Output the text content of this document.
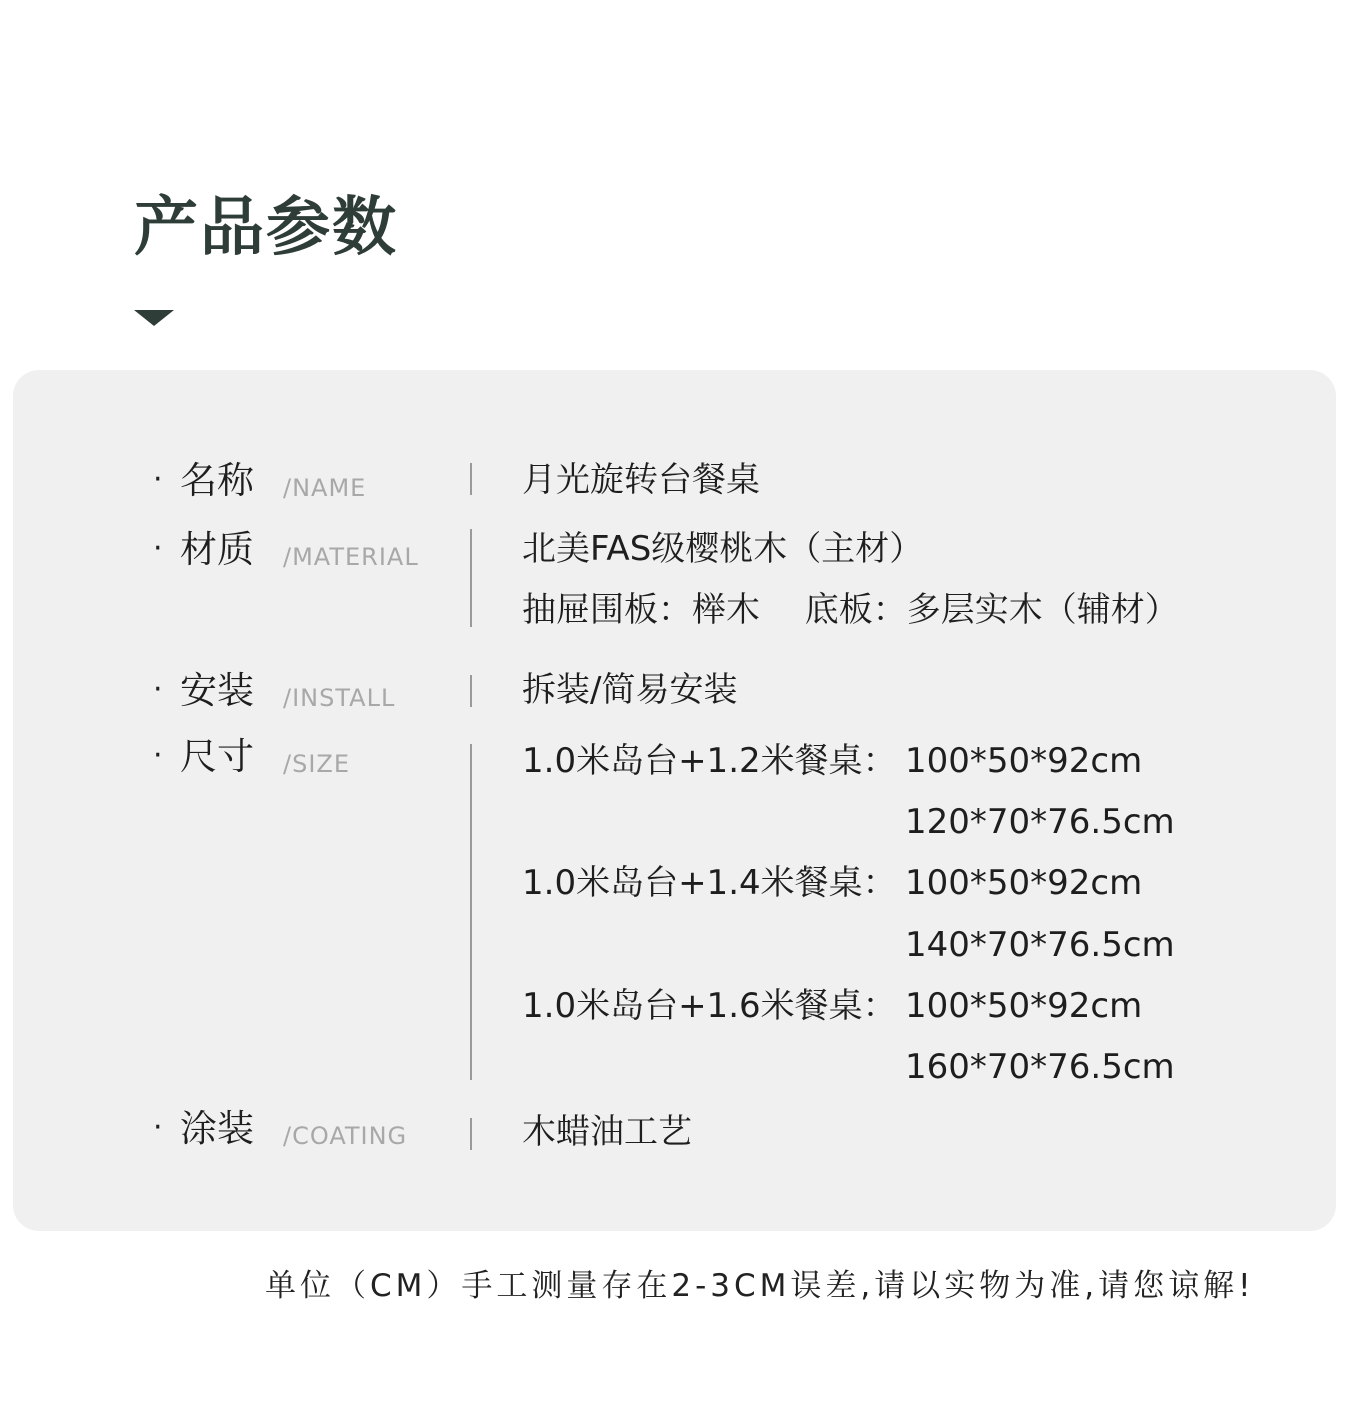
产品参数
· 名称 /NAME	月光旋转台餐桌
· 材质 /MATERIAL	北美FAS级樱桃木（主材）
抽屉围板：榉木　 底板：多层实木（辅材）
· 安装 /INSTALL	拆装/简易安装
· 尺寸 /SIZE	1.0米岛台+1.2米餐桌： 100*50*92cm
120*70*76.5cm
1.0米岛台+1.4米餐桌： 100*50*92cm
140*70*76.5cm
1.0米岛台+1.6米餐桌： 100*50*92cm
160*70*76.5cm
· 涂装 /COATING	木蜡油工艺
单位（CM）手工测量存在2-3CM误差,请以实物为准,请您谅解!
